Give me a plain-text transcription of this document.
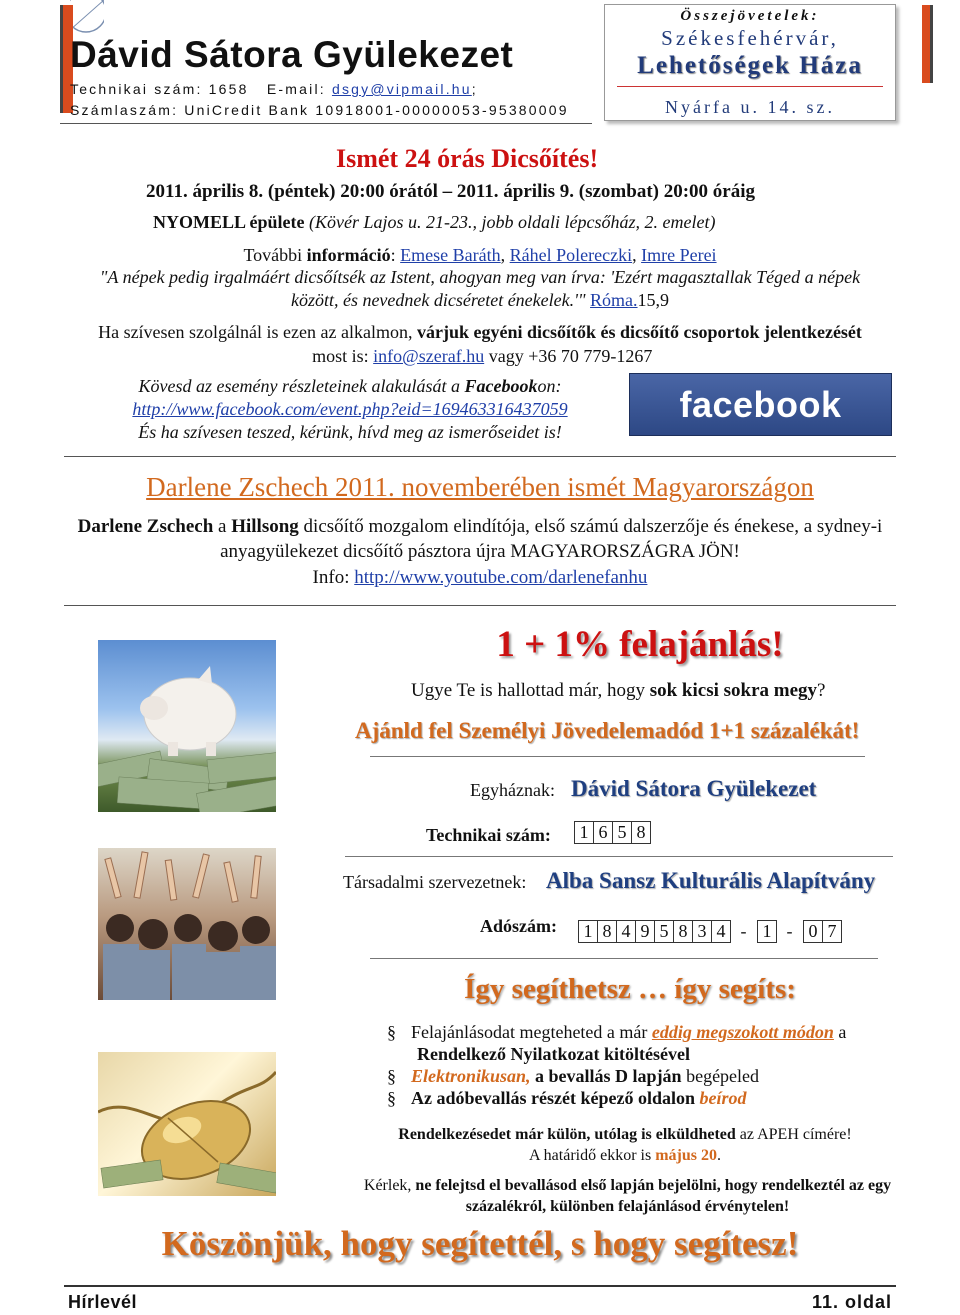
Dávid Sátora Gyülekezet
Technikai szám: 1658   E-mail: dsgy@vipmail.hu;
Számlaszám: UniCredit Bank 10918001-00000053-95380009
Összejövetelek:
Székesfehérvár,
Lehetőségek Háza
Nyárfa u. 14. sz.
Ismét 24 órás Dicsőítés!
2011. április 8. (péntek) 20:00 órától – 2011. április 9. (szombat) 20:00 óráig
NYOMELL épülete (Kövér Lajos u. 21-23., jobb oldali lépcsőház, 2. emelet)
További információ: Emese Baráth, Ráhel Polereczki, Imre Perei
"A népek pedig irgalmáért dicsőítsék az Istent, ahogyan meg van írva: 'Ezért magasztallak Téged a népek között, és nevednek dicséretet énekelek.'" Róma.15,9
Ha szívesen szolgálnál is ezen az alkalmon, várjuk egyéni dicsőítők és dicsőítő csoportok jelentkezését most is: info@szeraf.hu vagy +36 70 779-1267
Kövesd az esemény részleteinek alakulását a Facebookon:
http://www.facebook.com/event.php?eid=169463316437059
És ha szívesen teszed, kérünk, hívd meg az ismerőseidet is!
facebook
Darlene Zschech 2011. novemberében ismét Magyarországon
Darlene Zschech a Hillsong dicsőítő mozgalom elindítója, első számú dalszerzője és énekese, a sydney-i anyagyülekezet dicsőítő pásztora újra MAGYARORSZÁGRA JÖN!
Info: http://www.youtube.com/darlenefanhu
1 + 1% felajánlás!
Ugye Te is hallottad már, hogy sok kicsi sokra megy?
Ajánld fel Személyi Jövedelemadód 1+1 százalékát!
Egyháznak: Dávid Sátora Gyülekezet
Technikai szám:	1 6 5 8
Társadalmi szervezetnek: Alba Sansz Kulturális Alapítvány
Adószám:	1 8 4 9 5 8 3 4 - 1 - 0 7
Így segíthetsz … így segíts:
§ Felajánlásodat megteheted a már eddig megszokott módon a
Rendelkező Nyilatkozat kitöltésével
§ Elektronikusan, a bevallás D lapján begépeled
§ Az adóbevallás részét képező oldalon beírod
Rendelkezésedet már külön, utólag is elküldheted az APEH címére!
A határidő ekkor is május 20.
Kérlek, ne felejtsd el bevallásod első lapján bejelölni, hogy rendelkeztél az egy százalékról, különben felajánlásod érvénytelen!
Köszönjük, hogy segítettél, s hogy segítesz!
Hírlevél	11. oldal
